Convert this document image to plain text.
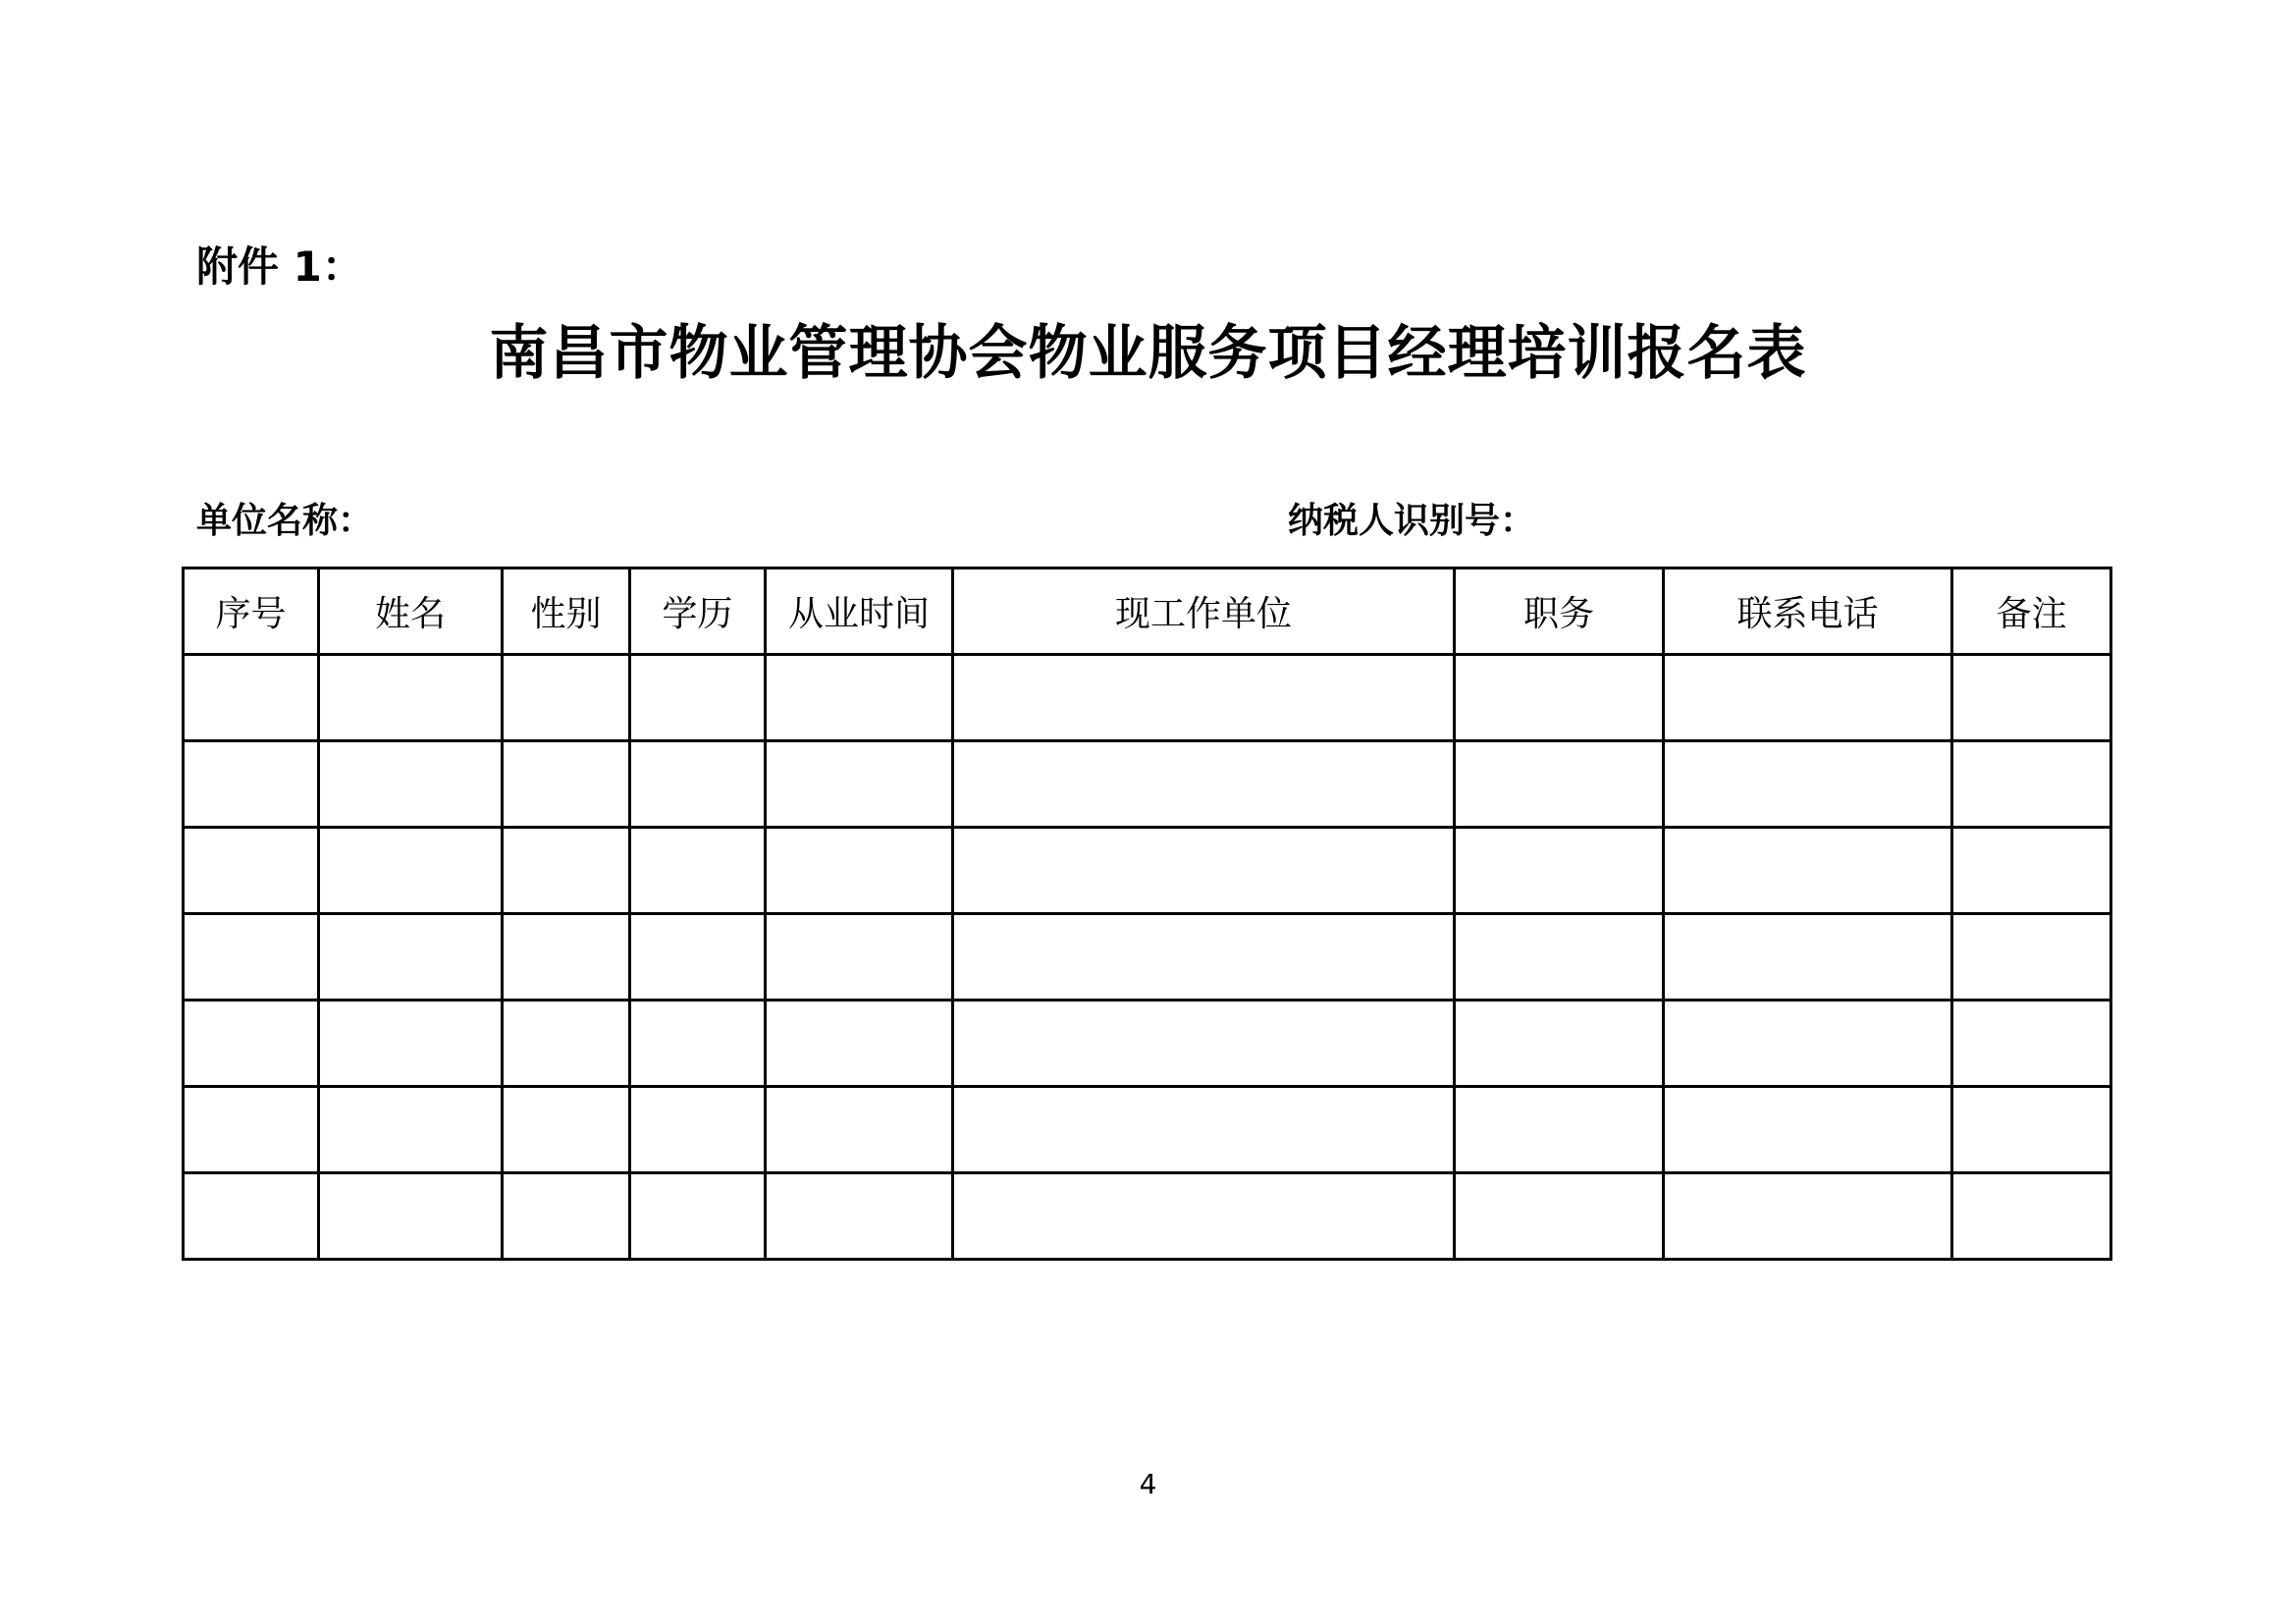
附件 1：
南昌市物业管理协会物业服务项目经理培训报名表
单位名称：	纳税人识别号：
序号	姓名	性别	学历	从业时间	现工作单位	职务	联系电话	备注

4
